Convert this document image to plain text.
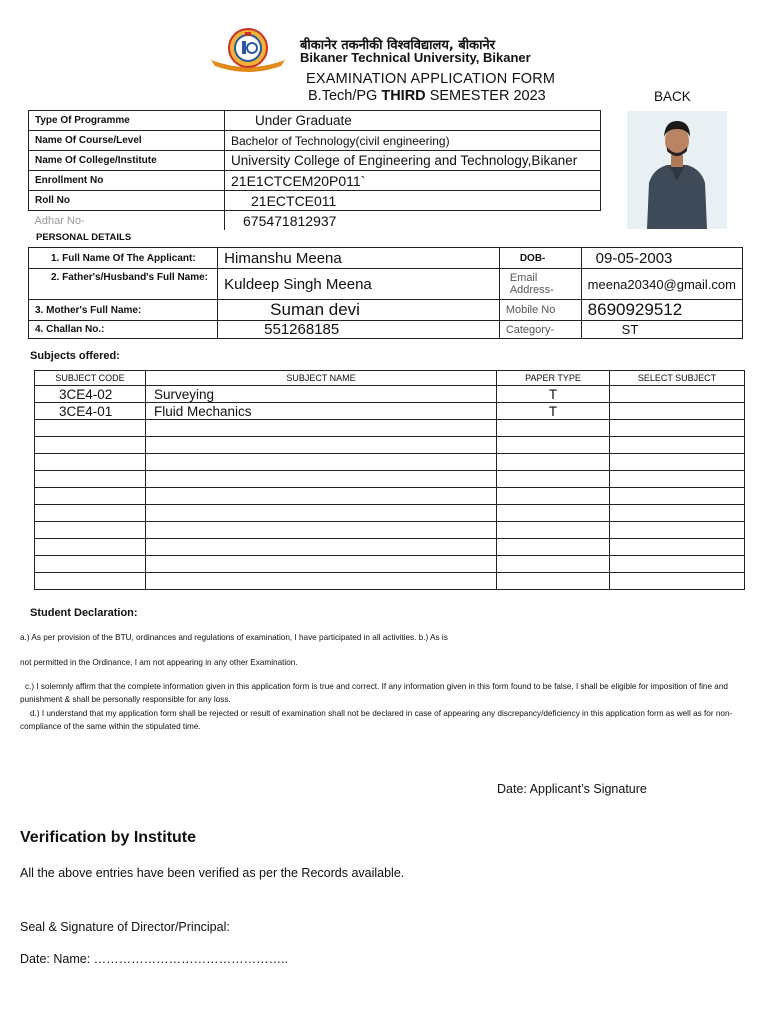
बीकानेर तकनीकी विश्वविद्यालय, बीकानेर
Bikaner Technical University, Bikaner
EXAMINATION APPLICATION FORM
B.Tech/PG THIRD SEMESTER 2023	BACK
Type Of Programme	Under Graduate
Name Of Course/Level	Bachelor of Technology(civil engineering)
Name Of College/Institute	University College of Engineering and Technology,Bikaner
Enrollment No	21E1CTCEM20P011`
Roll No	21ECTCE011
Adhar No-	675471812937
PERSONAL DETAILS
1. Full Name Of The Applicant:	Himanshu Meena	DOB-	09-05-2003
2. Father's/Husband's Full Name:	Kuldeep Singh Meena	Email Address-	meena20340@gmail.com
3. Mother's Full Name:	Suman devi	Mobile No	8690929512
4. Challan No.:	551268185	Category-	ST
Subjects offered:
SUBJECT CODE	SUBJECT NAME	PAPER TYPE	SELECT SUBJECT
3CE4-02	Surveying	T	
3CE4-01	Fluid Mechanics	T	

Student Declaration:
a.) As per provision of the BTU, ordinances and regulations of examination, I have participated in all activities. b.) As is
not permitted in the Ordinance, I am not appearing in any other Examination.
c.) I solemnly affirm that the complete information given in this application form is true and correct. If any information given in this form found to be false, I shall be eligible for imposition of fine and punishment & shall be personally responsible for any loss.
d.) I understand that my application form shall be rejected or result of examination shall not be declared in case of appearing any discrepancy/deficiency in this application form as well as for non-compliance of the same within the stipulated time.
Date: Applicant’s Signature
Verification by Institute
All the above entries have been verified as per the Records available.
Seal & Signature of Director/Principal:
Date: Name: ………………………………………..
